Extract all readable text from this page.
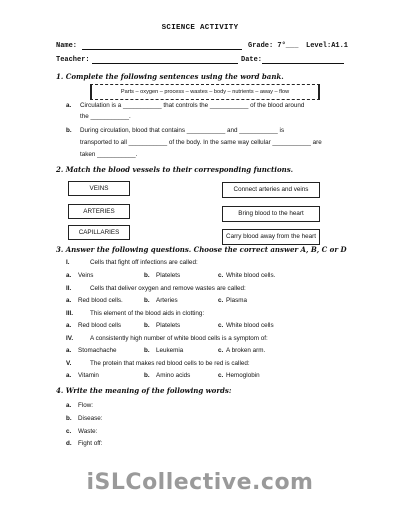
SCIENCE ACTIVITY
Name:	Grade: 7°___ Level:A1.1
Teacher:	Date:
1. Complete the following sentences using the word bank.
Parts – oxygen – process – wastes – body – nutrients – away – flow
a. Circulation is a ___________ that controls the ___________ of the blood around
the ___________.
b. During circulation, blood that contains ___________ and ___________ is
transported to all ___________ of the body. In the same way cellular ___________ are
taken ___________.
2. Match the blood vessels to their corresponding functions.
VEINS
ARTERIES
CAPILLARIES
Connect arteries and veins
Bring blood to the heart
Carry blood away from the heart
3. Answer the following questions. Choose the correct answer A, B, C or D
I.	Cells that fight off infections are called:
a. Veins	b. Platelets	c. White blood cells.
II.	Cells that deliver oxygen and remove wastes are called:
a. Red blood cells.	b. Arteries	c. Plasma
III.	This element of the blood aids in clotting:
a. Red blood cells	b. Platelets	c. White blood cells
IV.	A consistently high number of white blood cells is a symptom of:
a. Stomachache	b. Leukemia	c. A broken arm.
V.	The protein that makes red blood cells to be red is called:
a. Vitamin	b. Amino acids	c. Hemoglobin
4. Write the meaning of the following words:
a. Flow:
b. Disease:
c. Waste:
d. Fight off:
iSLCollective.com
